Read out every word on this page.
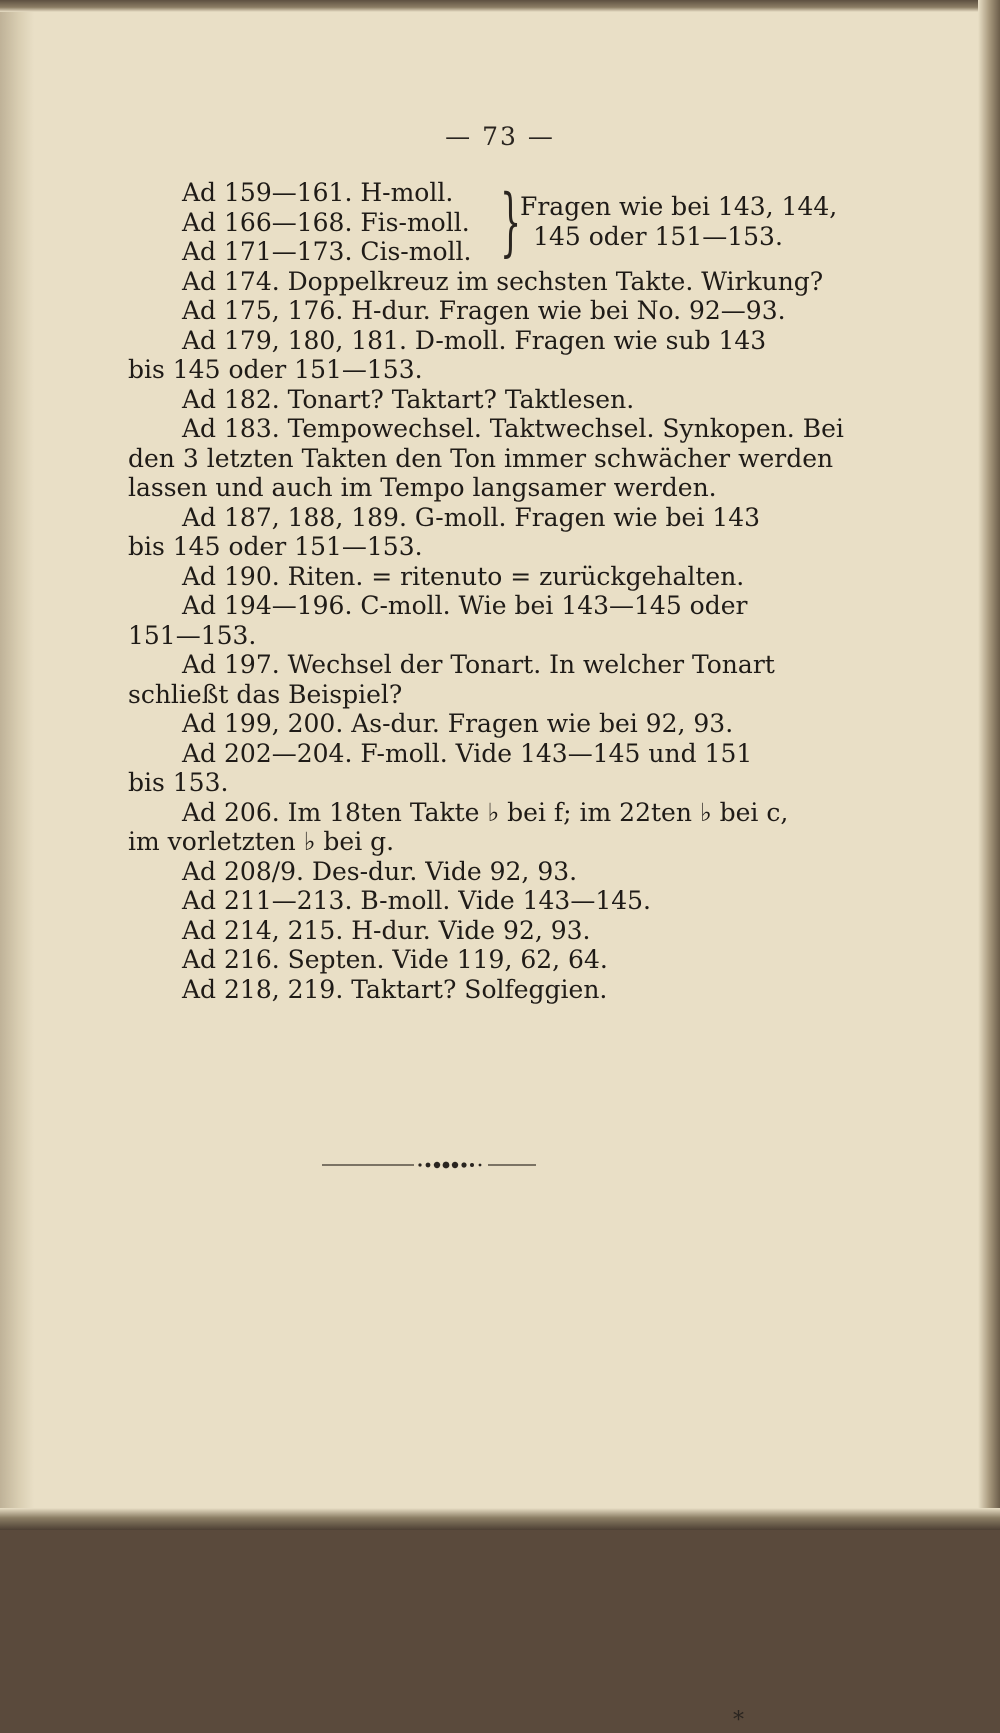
— 73 —
Ad 159—161. H-moll.
Ad 166—168. Fis-moll.
Ad 171—173. Cis-moll. }
Fragen wie bei 143, 144,
145 oder 151—153.
Ad 174. Doppelkreuz im sechsten Takte. Wirkung?
Ad 175, 176. H-dur. Fragen wie bei No. 92—93.
Ad 179, 180, 181. D-moll. Fragen wie sub 143
bis 145 oder 151—153.
Ad 182. Tonart? Taktart? Taktlesen.
Ad 183. Tempowechsel. Taktwechsel. Synkopen. Bei
den 3 letzten Takten den Ton immer schwächer werden
lassen und auch im Tempo langsamer werden.
Ad 187, 188, 189. G-moll. Fragen wie bei 143
bis 145 oder 151—153.
Ad 190. Riten. = ritenuto = zurückgehalten.
Ad 194—196. C-moll. Wie bei 143—145 oder
151—153.
Ad 197. Wechsel der Tonart. In welcher Tonart
schließt das Beispiel?
Ad 199, 200. As-dur. Fragen wie bei 92, 93.
Ad 202—204. F-moll. Vide 143—145 und 151
bis 153.
Ad 206. Im 18ten Takte ♭ bei f; im 22ten ♭ bei c,
im vorletzten ♭ bei g.
Ad 208/9. Des-dur. Vide 92, 93.
Ad 211—213. B-moll. Vide 143—145.
Ad 214, 215. H-dur. Vide 92, 93.
Ad 216. Septen. Vide 119, 62, 64.
Ad 218, 219. Taktart? Solfeggien.
*
